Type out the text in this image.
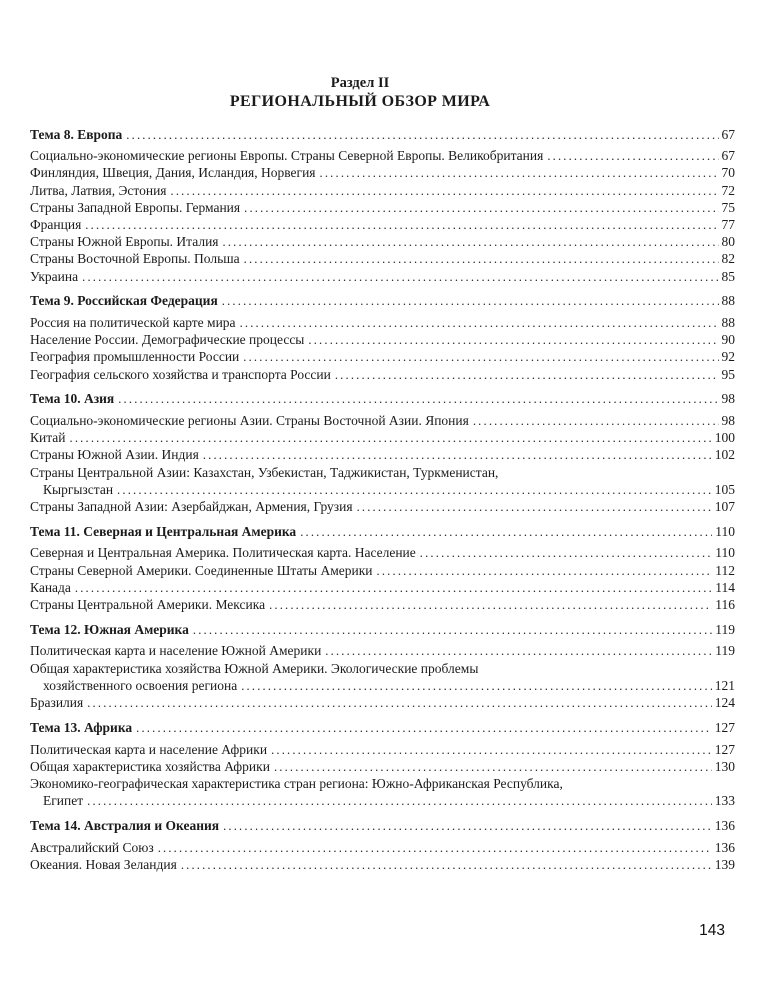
Раздел II
РЕГИОНАЛЬНЫЙ ОБЗОР МИРА
Тема 8. Европа .....	67
Социально-экономические регионы Европы. Страны Северной Европы. Великобритания .....	67
Финляндия, Швеция, Дания, Исландия, Норвегия .....	70
Литва, Латвия, Эстония .....	72
Страны Западной Европы. Германия .....	75
Франция .....	77
Страны Южной Европы. Италия .....	80
Страны Восточной Европы. Польша .....	82
Украина .....	85
Тема 9. Российская Федерация .....	88
Россия на политической карте мира .....	88
Население России. Демографические процессы .....	90
География промышленности России .....	92
География сельского хозяйства и транспорта России .....	95
Тема 10. Азия .....	98
Социально-экономические регионы Азии. Страны Восточной Азии. Япония .....	98
Китай .....	100
Страны Южной Азии. Индия .....	102
Страны Центральной Азии: Казахстан, Узбекистан, Таджикистан, Туркменистан,
Кыргызстан .....	105
Страны Западной Азии: Азербайджан, Армения, Грузия .....	107
Тема 11. Северная и Центральная Америка .....	110
Северная и Центральная Америка. Политическая карта. Население .....	110
Страны Северной Америки. Соединенные Штаты Америки .....	112
Канада .....	114
Страны Центральной Америки. Мексика .....	116
Тема 12. Южная Америка .....	119
Политическая карта и население Южной Америки .....	119
Общая характеристика хозяйства Южной Америки. Экологические проблемы
хозяйственного освоения региона .....	121
Бразилия .....	124
Тема 13. Африка .....	127
Политическая карта и население Африки .....	127
Общая характеристика хозяйства Африки .....	130
Экономико-географическая характеристика стран региона: Южно-Африканская Республика,
Египет .....	133
Тема 14. Австралия и Океания .....	136
Австралийский Союз .....	136
Океания. Новая Зеландия .....	139
143
